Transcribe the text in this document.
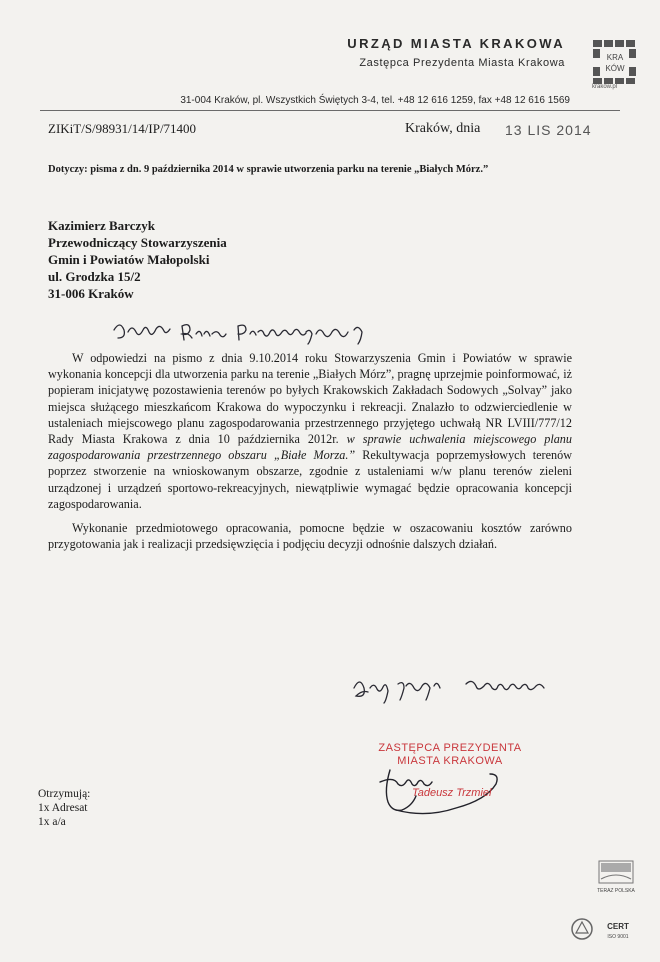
URZĄD MIASTA KRAKOWA
Zastępca Prezydenta Miasta Krakowa	KRA
KÓW
krakow.pl
31-004 Kraków, pl. Wszystkich Świętych 3-4, tel. +48 12 616 1259, fax +48 12 616 1569
ZIKiT/S/98931/14/IP/71400	Kraków, dnia 13 LIS 2014
Dotyczy: pisma z dn. 9 października 2014 w sprawie utworzenia parku na terenie „Białych Mórz.”
Kazimierz Barczyk
Przewodniczący Stowarzyszenia
Gmin i Powiatów Małopolski
ul. Grodzka 15/2
31-006 Kraków

W odpowiedzi na pismo z dnia 9.10.2014 roku Stowarzyszenia Gmin i Powiatów w sprawie wykonania koncepcji dla utworzenia parku na terenie „Białych Mórz”, pragnę uprzejmie poinformować, iż popieram inicjatywę pozostawienia terenów po byłych Krakowskich Zakładach Sodowych „Solvay” jako miejsca służącego mieszkańcom Krakowa do wypoczynku i rekreacji. Znalazło to odzwierciedlenie w ustaleniach miejscowego planu zagospodarowania przestrzennego przyjętego uchwałą NR LVIII/777/12 Rady Miasta Krakowa z dnia 10 października 2012r. w sprawie uchwalenia miejscowego planu zagospodarowania przestrzennego obszaru „Białe Morza.” Rekultywacja poprzemysłowych terenów poprzez stworzenie na wnioskowanym obszarze, zgodnie z ustaleniami w/w planu terenów zieleni urządzonej i urządzeń sportowo-rekreacyjnych, niewątpliwie wymagać będzie opracowania koncepcji zagospodarowania.

Wykonanie przedmiotowego opracowania, pomocne będzie w oszacowaniu kosztów zarówno przygotowania jak i realizacji przedsięwzięcia i podjęciu decyzji odnośnie dalszych działań.

ZASTĘPCA PREZYDENTA
MIASTA KRAKOWA
Tadeusz Trzmiel
Otrzymują:
1x Adresat
1x a/a
TERAZ POLSKA
CERT
ISO 9001
